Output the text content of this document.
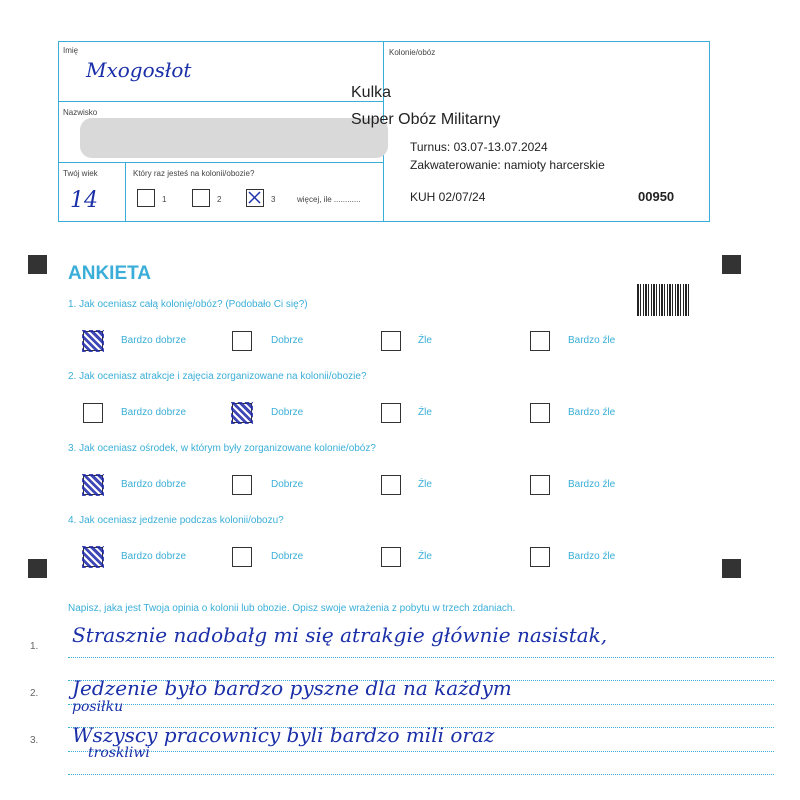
Imię
Mxogosłot
Nazwisko
Twój wiek
14
Który raz jesteś na kolonii/obozie?
1	2	3	więcej, ile ............
Kolonie/obóz
Kulka
Super Obóz Militarny
Turnus: 03.07-13.07.2024
Zakwaterowanie: namioty harcerskie
KUH 02/07/24	00950
ANKIETA
1. Jak oceniasz całą kolonię/obóz? (Podobało Ci się?)
Bardzo dobrze	Dobrze	Źle	Bardzo źle
2. Jak oceniasz atrakcje i zajęcia zorganizowane na kolonii/obozie?
Bardzo dobrze	Dobrze	Źle	Bardzo źle
3. Jak oceniasz ośrodek, w którym były zorganizowane kolonie/obóz?
Bardzo dobrze	Dobrze	Źle	Bardzo źle
4. Jak oceniasz jedzenie podczas kolonii/obozu?
Bardzo dobrze	Dobrze	Źle	Bardzo źle
Napisz, jaka jest Twoja opinia o kolonii lub obozie. Opisz swoje wrażenia z pobytu w trzech zdaniach.
1.
2.
3.
Strasznie nadobałg mi się atrakgie głównie nasistak,
Jedzenie było bardzo pyszne dla na każdym
posiłku
Wszyscy pracownicy byli bardzo mili oraz
troskliwi
